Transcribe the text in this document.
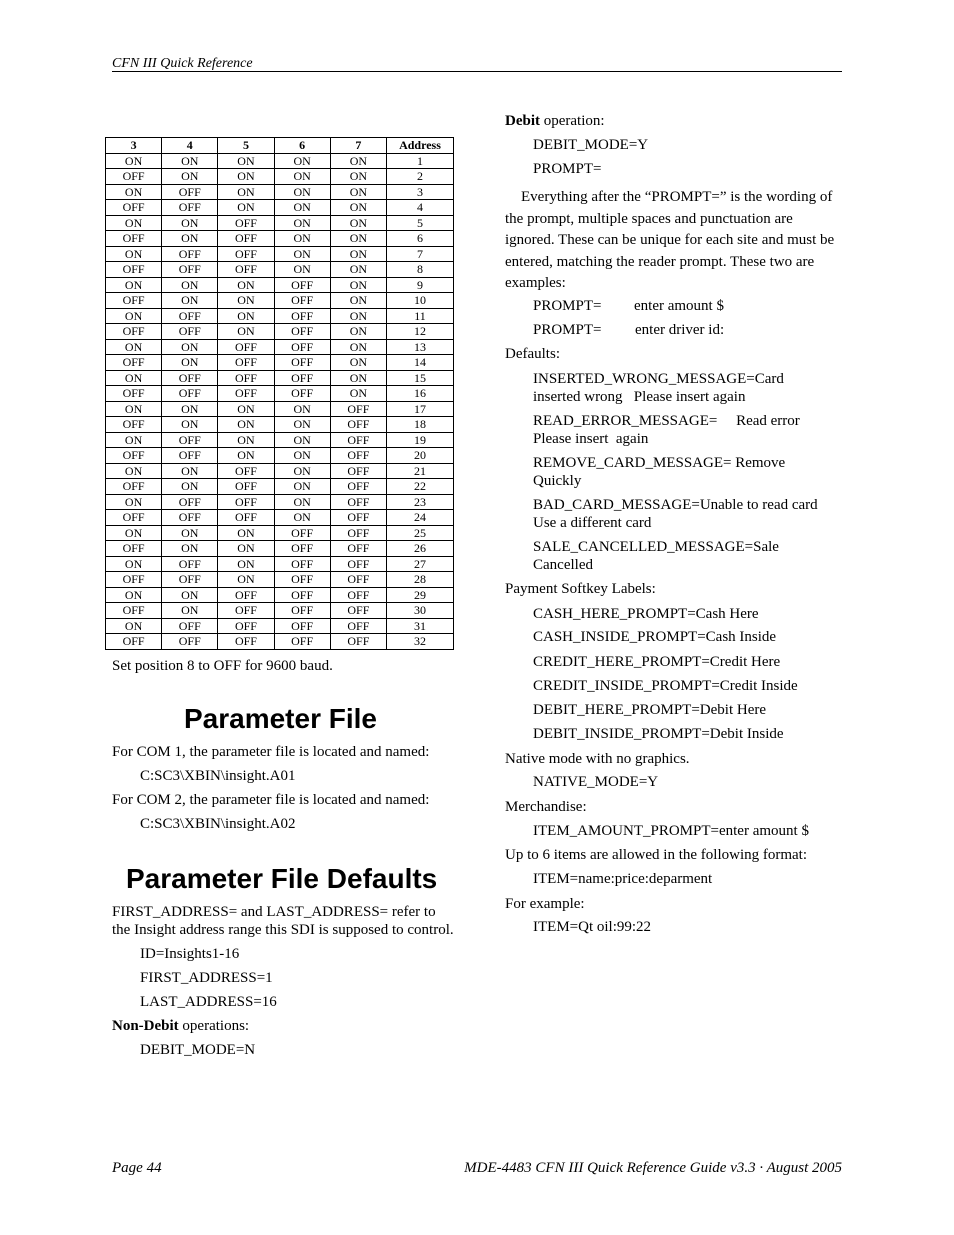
CFN III Quick Reference
3	4	5	6	7	Address
ON	ON	ON	ON	ON	1
OFF	ON	ON	ON	ON	2
ON	OFF	ON	ON	ON	3
OFF	OFF	ON	ON	ON	4
ON	ON	OFF	ON	ON	5
OFF	ON	OFF	ON	ON	6
ON	OFF	OFF	ON	ON	7
OFF	OFF	OFF	ON	ON	8
ON	ON	ON	OFF	ON	9
OFF	ON	ON	OFF	ON	10
ON	OFF	ON	OFF	ON	11
OFF	OFF	ON	OFF	ON	12
ON	ON	OFF	OFF	ON	13
OFF	ON	OFF	OFF	ON	14
ON	OFF	OFF	OFF	ON	15
OFF	OFF	OFF	OFF	ON	16
ON	ON	ON	ON	OFF	17
OFF	ON	ON	ON	OFF	18
ON	OFF	ON	ON	OFF	19
OFF	OFF	ON	ON	OFF	20
ON	ON	OFF	ON	OFF	21
OFF	ON	OFF	ON	OFF	22
ON	OFF	OFF	ON	OFF	23
OFF	OFF	OFF	ON	OFF	24
ON	ON	ON	OFF	OFF	25
OFF	ON	ON	OFF	OFF	26
ON	OFF	ON	OFF	OFF	27
OFF	OFF	ON	OFF	OFF	28
ON	ON	OFF	OFF	OFF	29
OFF	ON	OFF	OFF	OFF	30
ON	OFF	OFF	OFF	OFF	31
OFF	OFF	OFF	OFF	OFF	32
Set position 8 to OFF for 9600 baud.
Parameter File
For COM 1, the parameter file is located and named:
C:SC3\XBIN\insight.A01
For COM 2, the parameter file is located and named:
C:SC3\XBIN\insight.A02
Parameter File Defaults
FIRST_ADDRESS= and LAST_ADDRESS= refer to the Insight address range this SDI is supposed to control.
ID=Insights1-16
FIRST_ADDRESS=1
LAST_ADDRESS=16
Non-Debit operations:
DEBIT_MODE=N
Debit operation:
DEBIT_MODE=Y
PROMPT=
Everything after the “PROMPT=” is the wording of the prompt, multiple spaces and punctuation are ignored. These can be unique for each site and must be entered, matching the reader prompt. These two are examples:
PROMPT= enter amount $
PROMPT= enter driver id:
Defaults:
INSERTED_WRONG_MESSAGE=Card
inserted wrong   Please insert again
READ_ERROR_MESSAGE=     Read error
Please insert  again
REMOVE_CARD_MESSAGE= Remove
Quickly
BAD_CARD_MESSAGE=Unable to read card
Use a different card
SALE_CANCELLED_MESSAGE=Sale
Cancelled
Payment Softkey Labels:
CASH_HERE_PROMPT=Cash Here
CASH_INSIDE_PROMPT=Cash Inside
CREDIT_HERE_PROMPT=Credit Here
CREDIT_INSIDE_PROMPT=Credit Inside
DEBIT_HERE_PROMPT=Debit Here
DEBIT_INSIDE_PROMPT=Debit Inside
Native mode with no graphics.
NATIVE_MODE=Y
Merchandise:
ITEM_AMOUNT_PROMPT=enter amount $
Up to 6 items are allowed in the following format:
ITEM=name:price:deparment
For example:
ITEM=Qt oil:99:22
Page 44	MDE-4483 CFN III Quick Reference Guide v3.3 · August 2005
